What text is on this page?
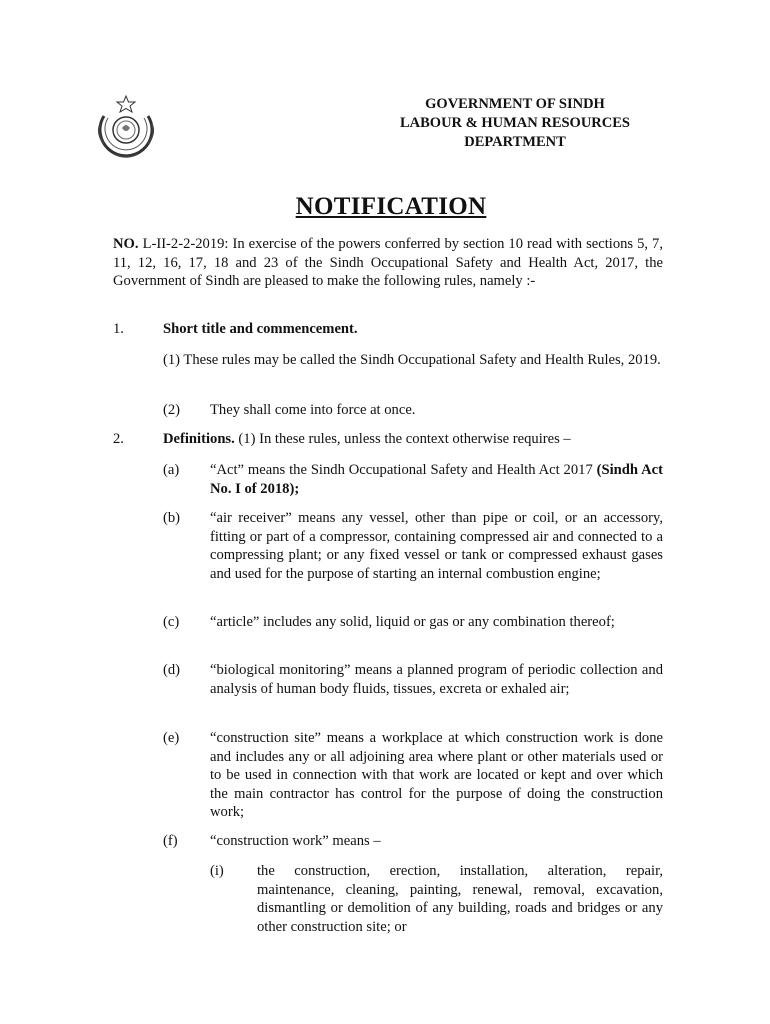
GOVERNMENT OF SINDH
LABOUR & HUMAN RESOURCES
DEPARTMENT
NOTIFICATION
NO. L-II-2-2-2019: In exercise of the powers conferred by section 10 read with sections 5, 7, 11, 12, 16, 17, 18 and 23 of the Sindh Occupational Safety and Health Act, 2017, the Government of Sindh are pleased to make the following rules, namely :-
1.	Short title and commencement.
(1) These rules may be called the Sindh Occupational Safety and Health Rules, 2019.
(2) They shall come into force at once.
2.	Definitions. (1) In these rules, unless the context otherwise requires –
(a) “Act” means the Sindh Occupational Safety and Health Act 2017 (Sindh Act No. I of 2018);
(b) “air receiver” means any vessel, other than pipe or coil, or an accessory, fitting or part of a compressor, containing compressed air and connected to a compressing plant; or any fixed vessel or tank or compressed exhaust gases and used for the purpose of starting an internal combustion engine;
(c) “article” includes any solid, liquid or gas or any combination thereof;
(d) “biological monitoring” means a planned program of periodic collection and analysis of human body fluids, tissues, excreta or exhaled air;
(e) “construction site” means a workplace at which construction work is done and includes any or all adjoining area where plant or other materials used or to be used in connection with that work are located or kept and over which the main contractor has control for the purpose of doing the construction work;
(f) “construction work” means –
(i) the construction, erection, installation, alteration, repair, maintenance, cleaning, painting, renewal, removal, excavation, dismantling or demolition of any building, roads and bridges or any other construction site; or
